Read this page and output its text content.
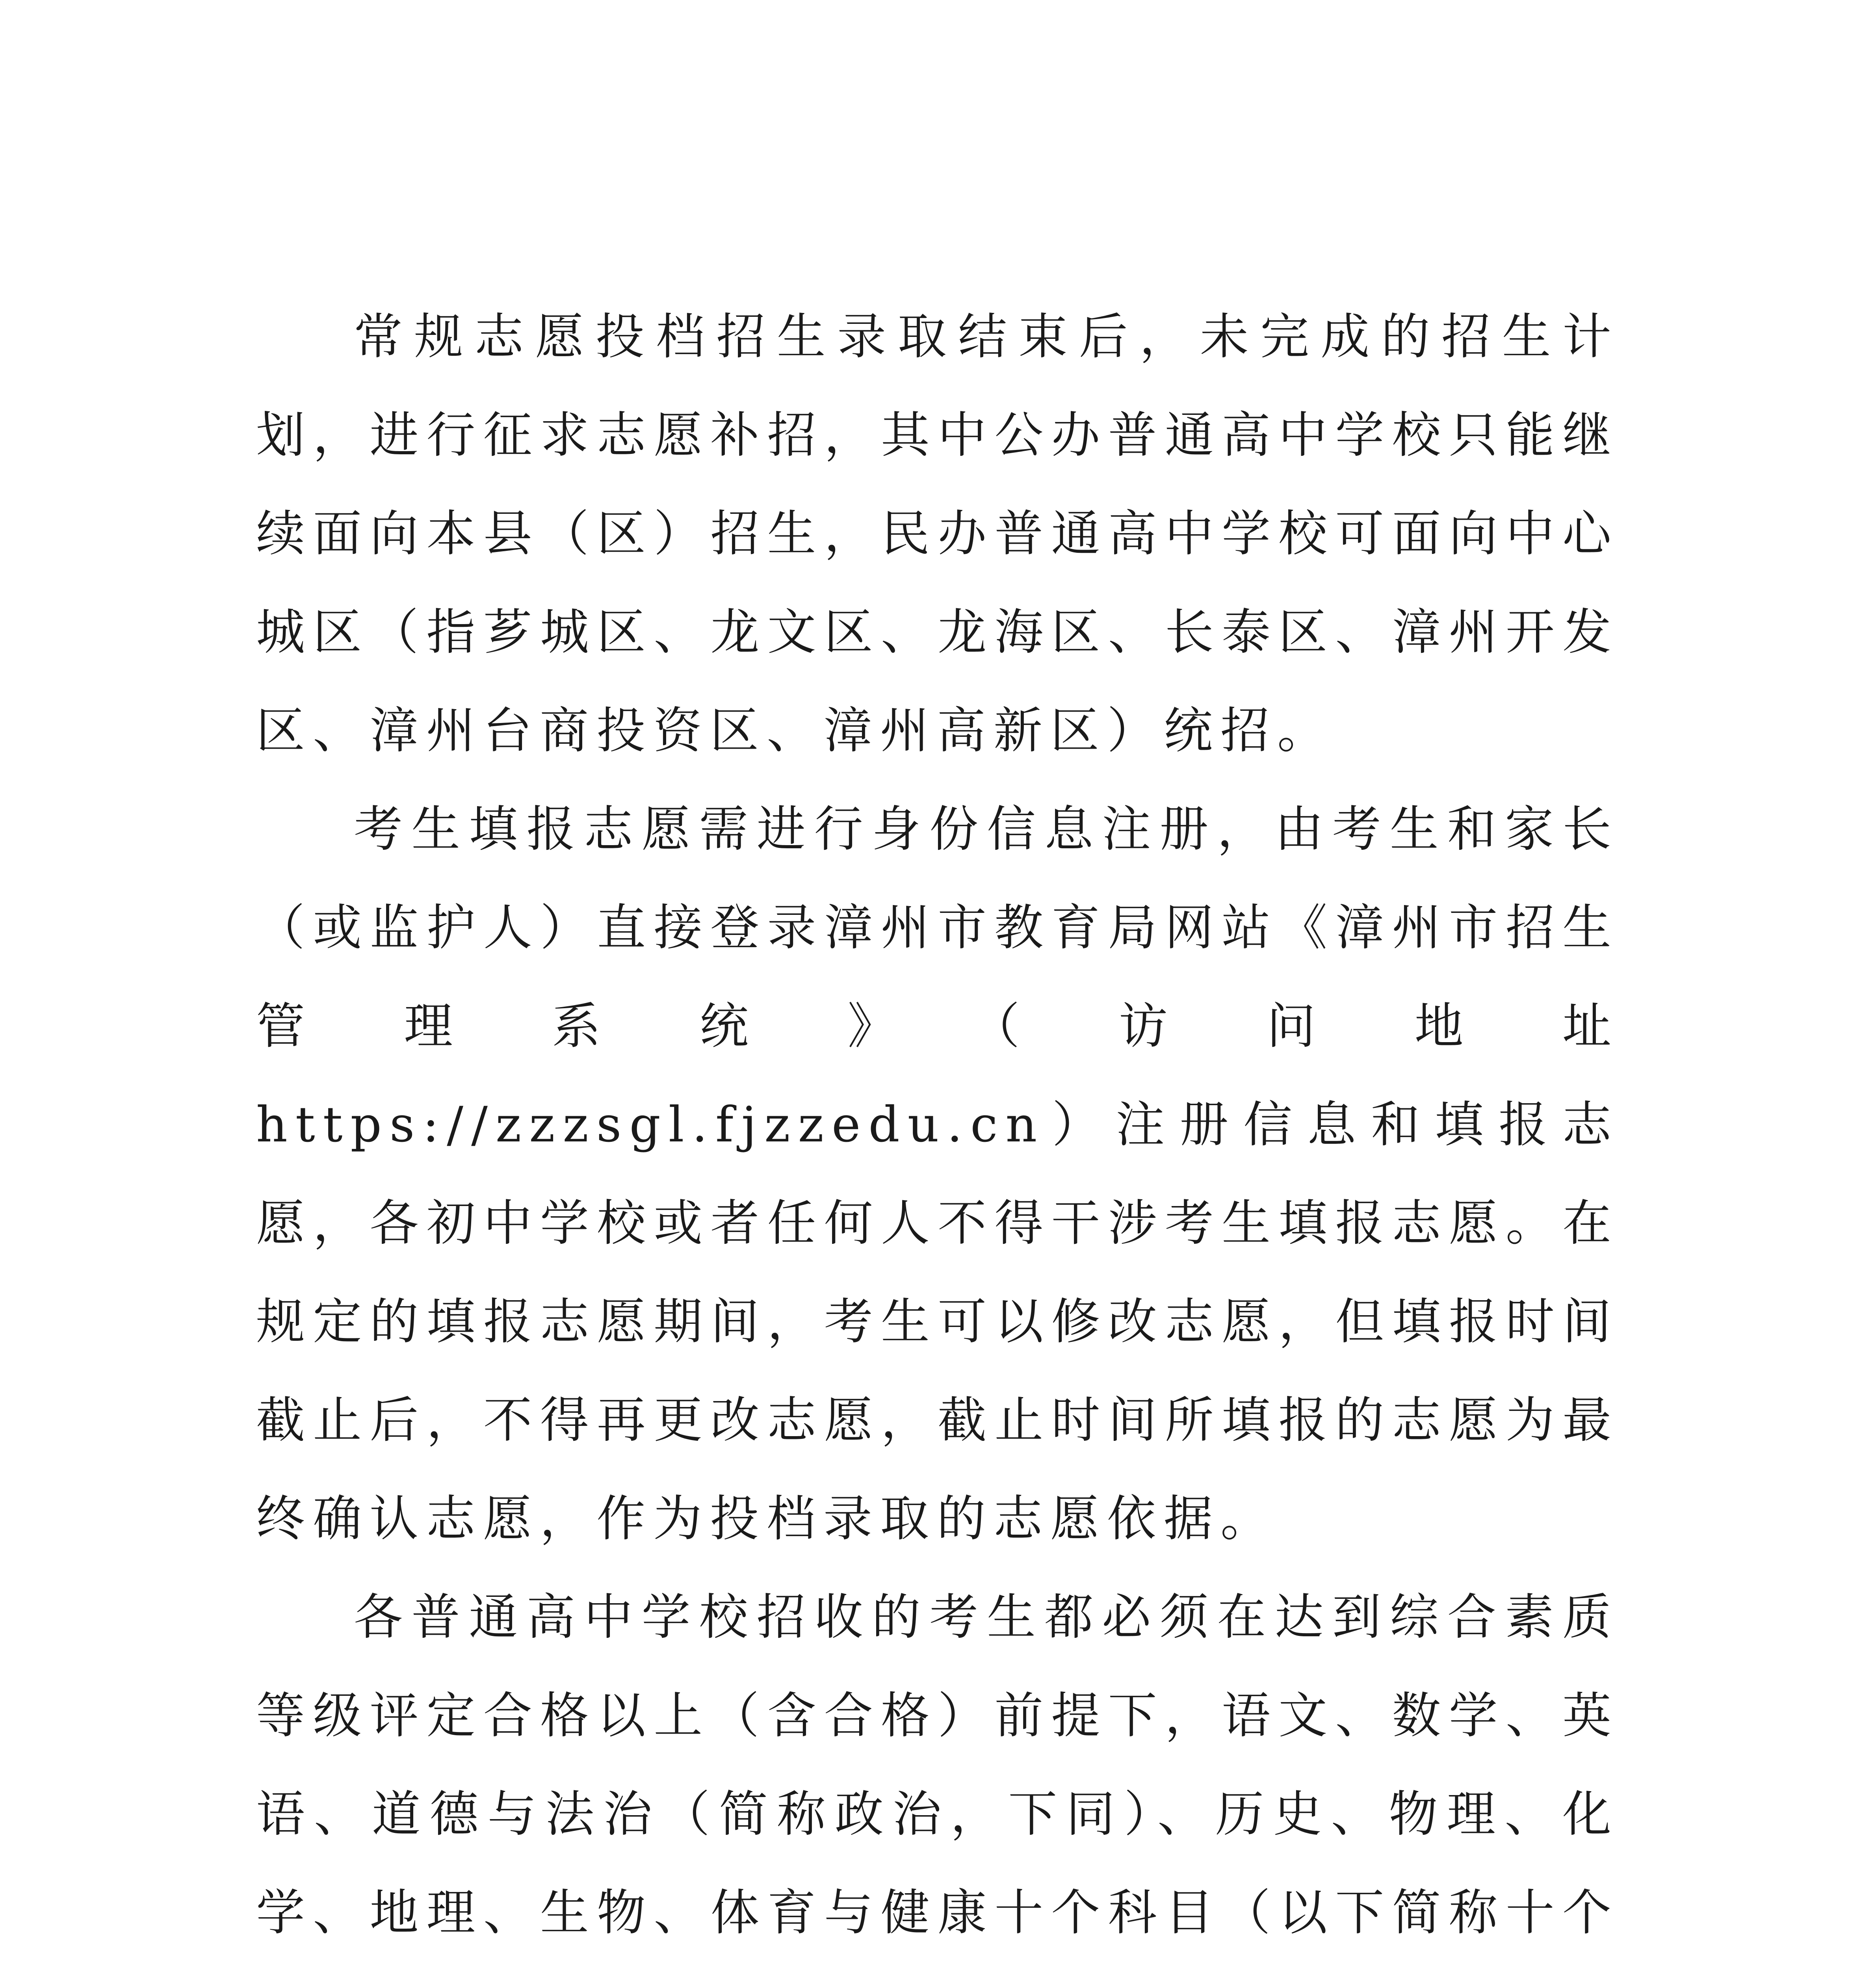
常规志愿投档招生录取结束后，未完成的招生计划，进行征求志愿补招，其中公办普通高中学校只能继续面向本县（区）招生，民办普通高中学校可面向中心城区（指芗城区、龙文区、龙海区、长泰区、漳州开发区、漳州台商投资区、漳州高新区）统招。

考生填报志愿需进行身份信息注册，由考生和家长（或监护人）直接登录漳州市教育局网站《漳州市招生管理系统》（访问地址 https://zzzsgl.fjzzedu.cn）注册信息和填报志愿，各初中学校或者任何人不得干涉考生填报志愿。在规定的填报志愿期间，考生可以修改志愿，但填报时间截止后，不得再更改志愿，截止时间所填报的志愿为最终确认志愿，作为投档录取的志愿依据。

各普通高中学校招收的考生都必须在达到综合素质等级评定合格以上（含合格）前提下，语文、数学、英语、道德与法治（简称政治，下同）、历史、物理、化学、地理、生物、体育与健康十个科目（以下简称十个
